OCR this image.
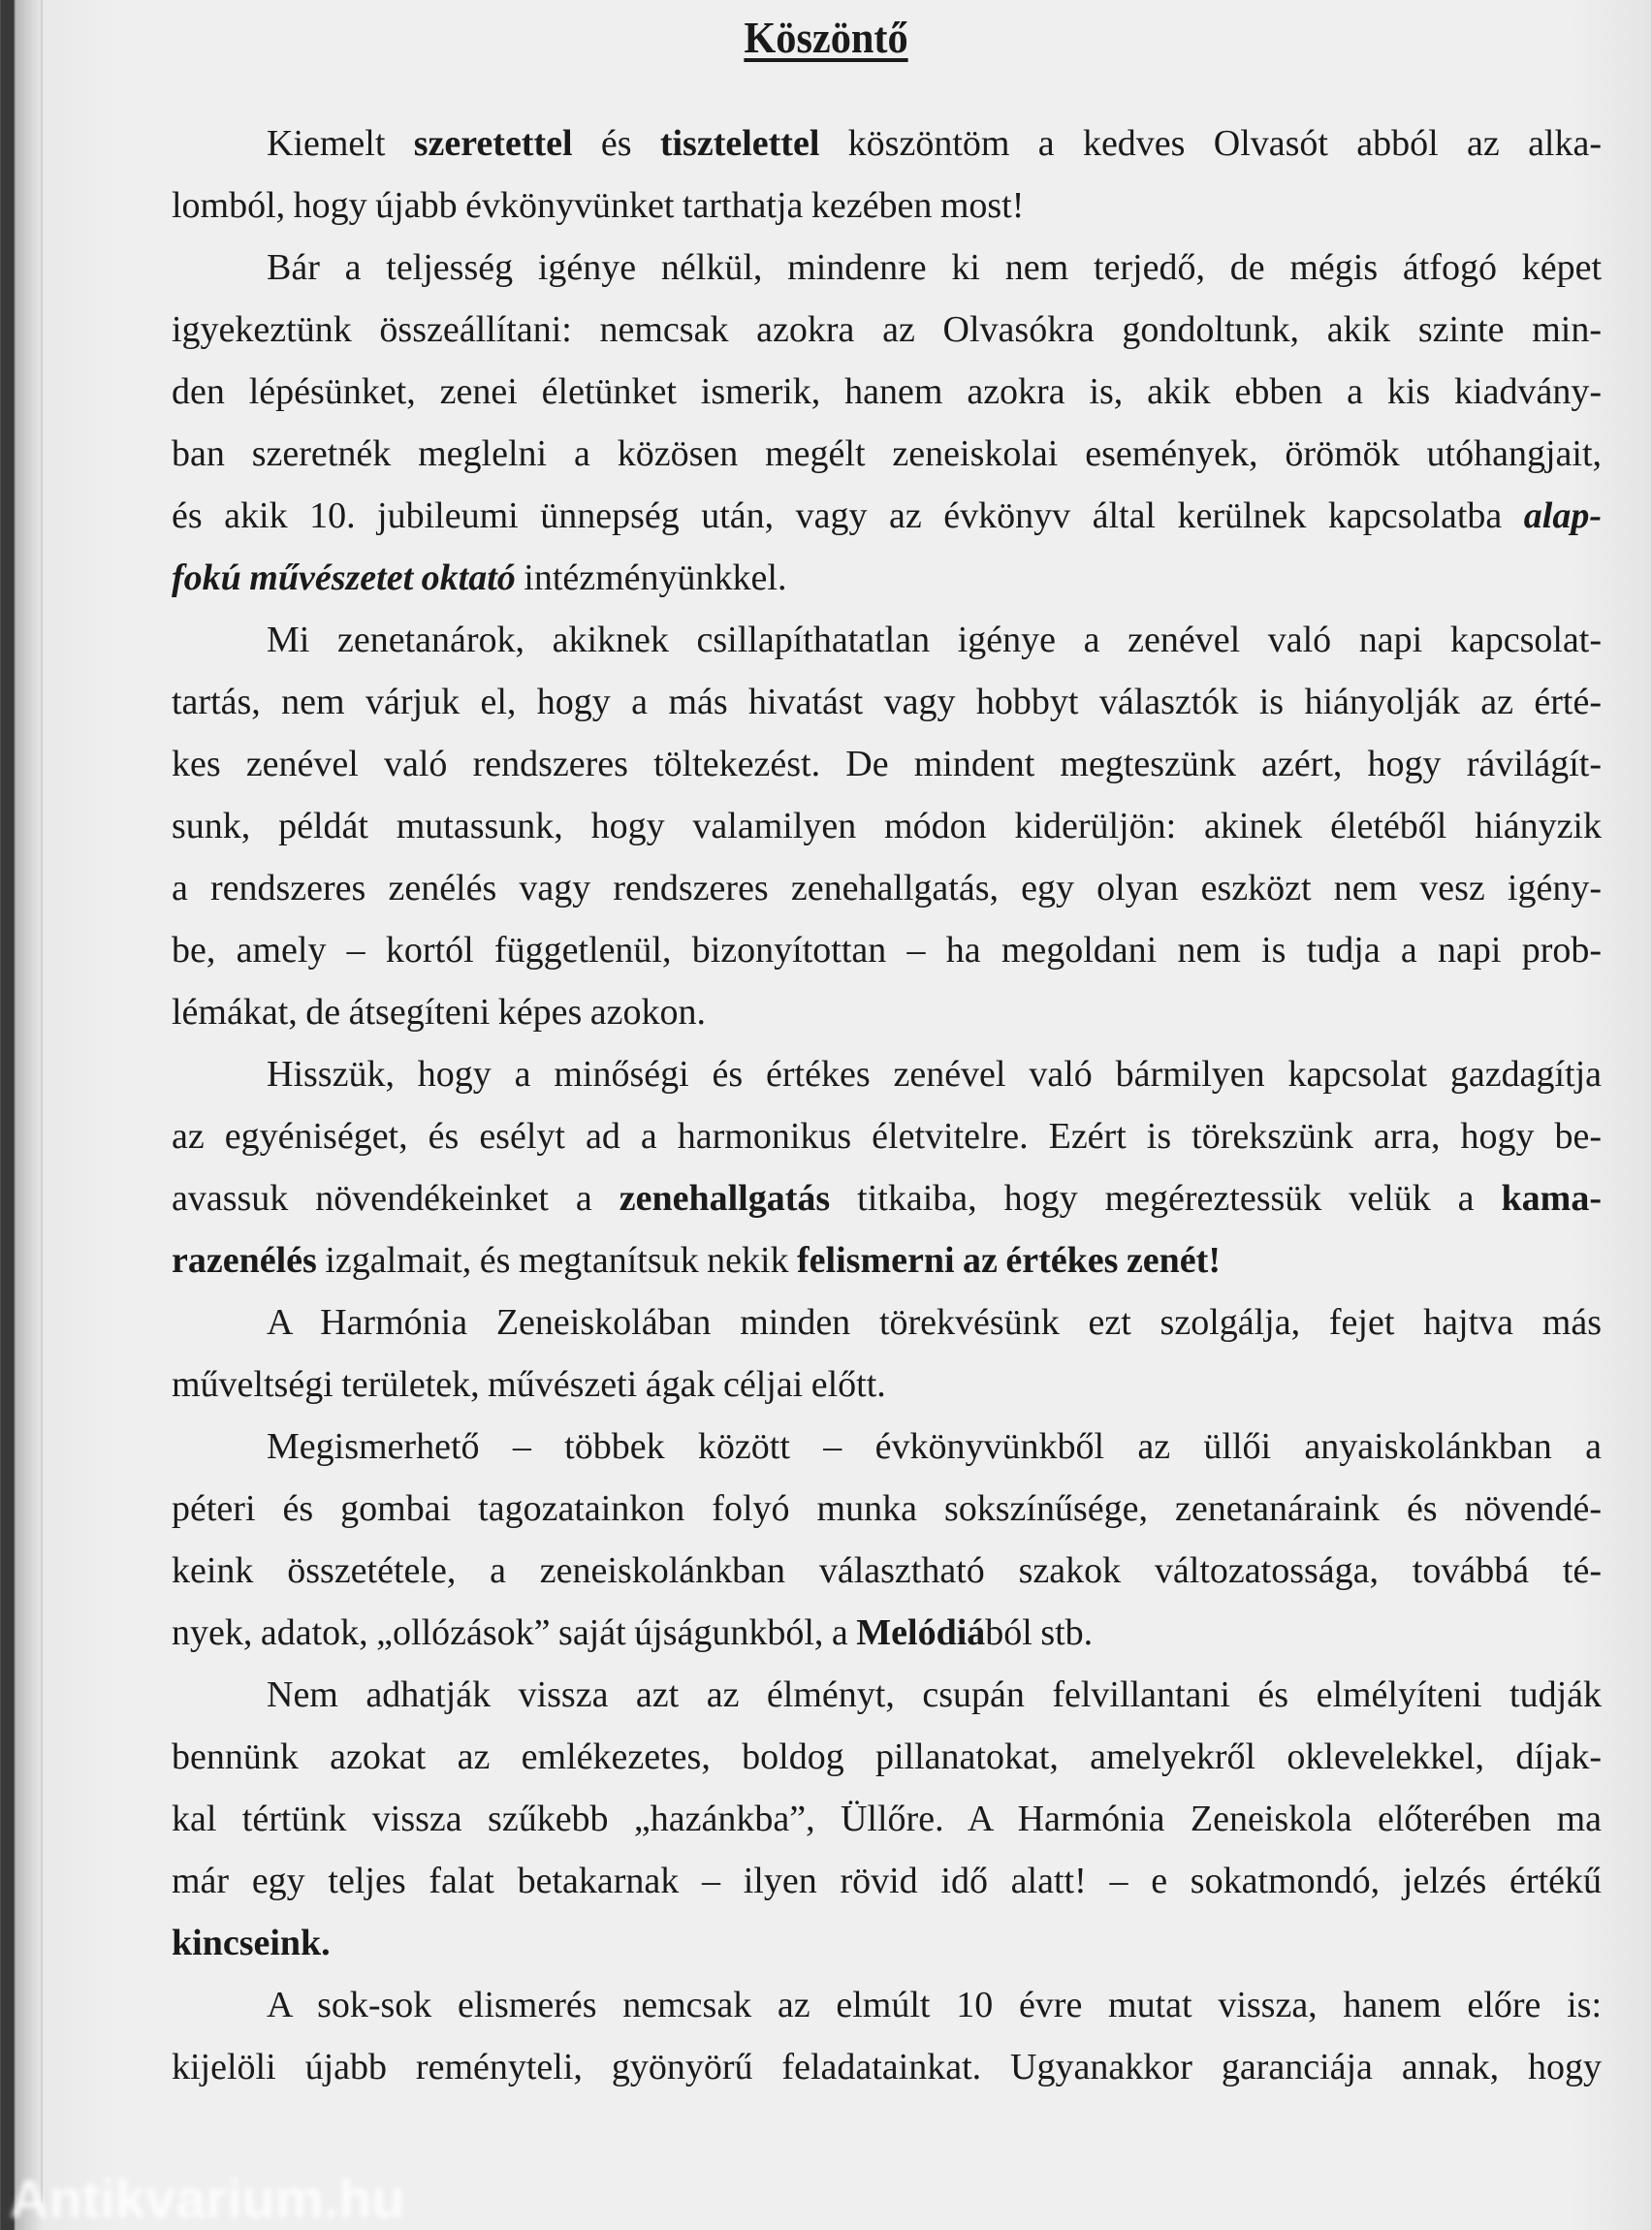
Köszöntő
Kiemelt szeretettel és tisztelettel köszöntöm a kedves Olvasót abból az alka-
lomból, hogy újabb évkönyvünket tarthatja kezében most!
Bár a teljesség igénye nélkül, mindenre ki nem terjedő, de mégis átfogó képet
igyekeztünk összeállítani: nemcsak azokra az Olvasókra gondoltunk, akik szinte min-
den lépésünket, zenei életünket ismerik, hanem azokra is, akik ebben a kis kiadvány-
ban szeretnék meglelni a közösen megélt zeneiskolai események, örömök utóhangjait,
és akik 10. jubileumi ünnepség után, vagy az évkönyv által kerülnek kapcsolatba alap-
fokú művészetet oktató intézményünkkel.
Mi zenetanárok, akiknek csillapíthatatlan igénye a zenével való napi kapcsolat-
tartás, nem várjuk el, hogy a más hivatást vagy hobbyt választók is hiányolják az érté-
kes zenével való rendszeres töltekezést. De mindent megteszünk azért, hogy rávilágít-
sunk, példát mutassunk, hogy valamilyen módon kiderüljön: akinek életéből hiányzik
a rendszeres zenélés vagy rendszeres zenehallgatás, egy olyan eszközt nem vesz igény-
be, amely – kortól függetlenül, bizonyítottan – ha megoldani nem is tudja a napi prob-
lémákat, de átsegíteni képes azokon.
Hisszük, hogy a minőségi és értékes zenével való bármilyen kapcsolat gazdagítja
az egyéniséget, és esélyt ad a harmonikus életvitelre. Ezért is törekszünk arra, hogy be-
avassuk növendékeinket a zenehallgatás titkaiba, hogy megéreztessük velük a kama-
razenélés izgalmait, és megtanítsuk nekik felismerni az értékes zenét!
A Harmónia Zeneiskolában minden törekvésünk ezt szolgálja, fejet hajtva más
műveltségi területek, művészeti ágak céljai előtt.
Megismerhető – többek között – évkönyvünkből az üllői anyaiskolánkban a
péteri és gombai tagozatainkon folyó munka sokszínűsége, zenetanáraink és növendé-
keink összetétele, a zeneiskolánkban választható szakok változatossága, továbbá té-
nyek, adatok, „ollózások” saját újságunkból, a Melódiából stb.
Nem adhatják vissza azt az élményt, csupán felvillantani és elmélyíteni tudják
bennünk azokat az emlékezetes, boldog pillanatokat, amelyekről oklevelekkel, díjak-
kal tértünk vissza szűkebb „hazánkba”, Üllőre. A Harmónia Zeneiskola előterében ma
már egy teljes falat betakarnak – ilyen rövid idő alatt! – e sokatmondó, jelzés értékű
kincseink.
A sok-sok elismerés nemcsak az elmúlt 10 évre mutat vissza, hanem előre is:
kijelöli újabb reményteli, gyönyörű feladatainkat. Ugyanakkor garanciája annak, hogy
Antikvarium.hu
